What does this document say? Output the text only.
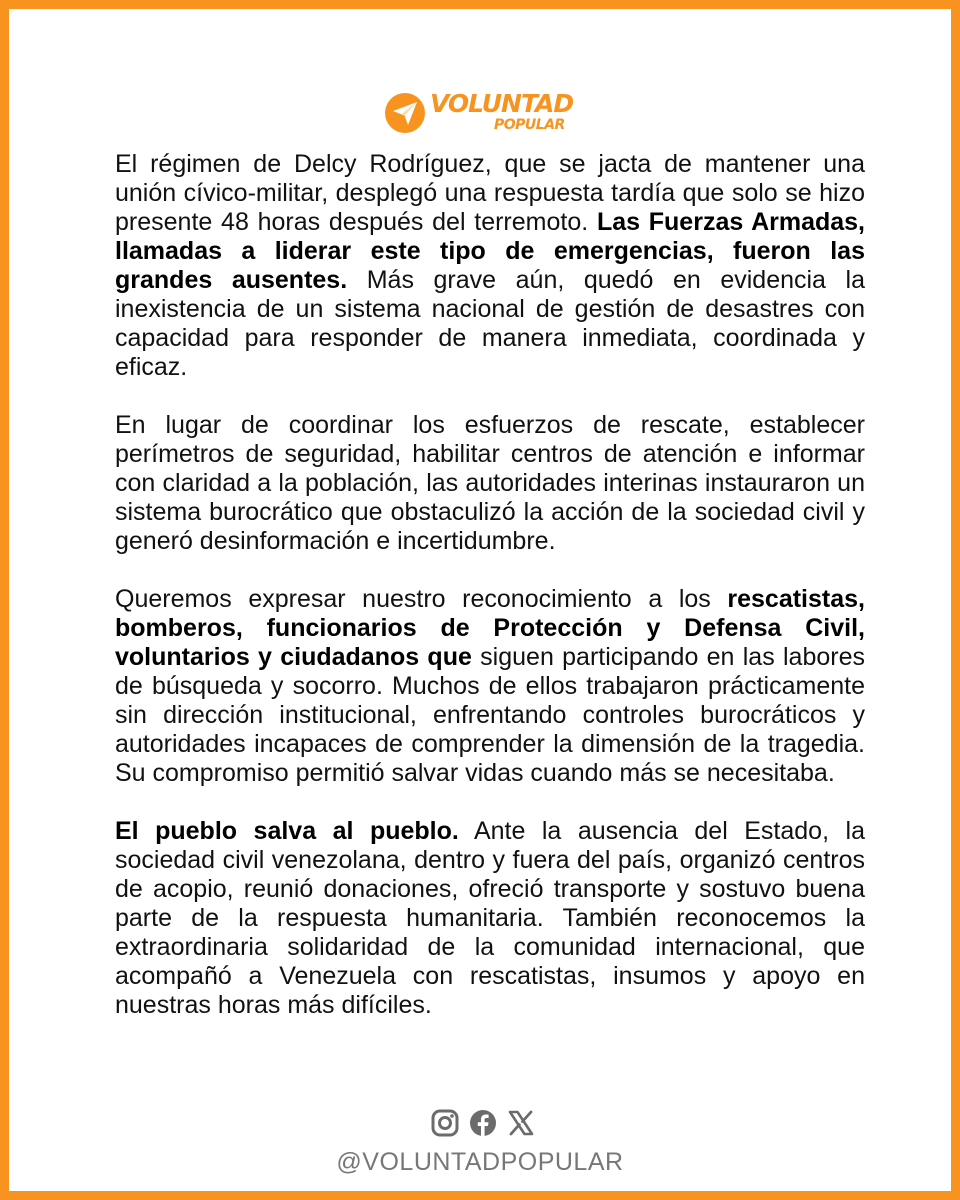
VOLUNTAD
POPULAR

El régimen de Delcy Rodríguez, que se jacta de mantener una unión cívico-militar, desplegó una respuesta tardía que solo se hizo presente 48 horas después del terremoto. Las Fuerzas Armadas, llamadas a liderar este tipo de emergencias, fueron las grandes ausentes. Más grave aún, quedó en evidencia la inexistencia de un sistema nacional de gestión de desastres con capacidad para responder de manera inmediata, coordinada y eficaz.

En lugar de coordinar los esfuerzos de rescate, establecer perímetros de seguridad, habilitar centros de atención e informar con claridad a la población, las autoridades interinas instauraron un sistema burocrático que obstaculizó la acción de la sociedad civil y generó desinformación e incertidumbre.

Queremos expresar nuestro reconocimiento a los rescatistas, bomberos, funcionarios de Protección y Defensa Civil, voluntarios y ciudadanos que siguen participando en las labores de búsqueda y socorro. Muchos de ellos trabajaron prácticamente sin dirección institucional, enfrentando controles burocráticos y autoridades incapaces de comprender la dimensión de la tragedia. Su compromiso permitió salvar vidas cuando más se necesitaba.

El pueblo salva al pueblo. Ante la ausencia del Estado, la sociedad civil venezolana, dentro y fuera del país, organizó centros de acopio, reunió donaciones, ofreció transporte y sostuvo buena parte de la respuesta humanitaria. También reconocemos la extraordinaria solidaridad de la comunidad internacional, que acompañó a Venezuela con rescatistas, insumos y apoyo en nuestras horas más difíciles.

@VOLUNTADPOPULAR
